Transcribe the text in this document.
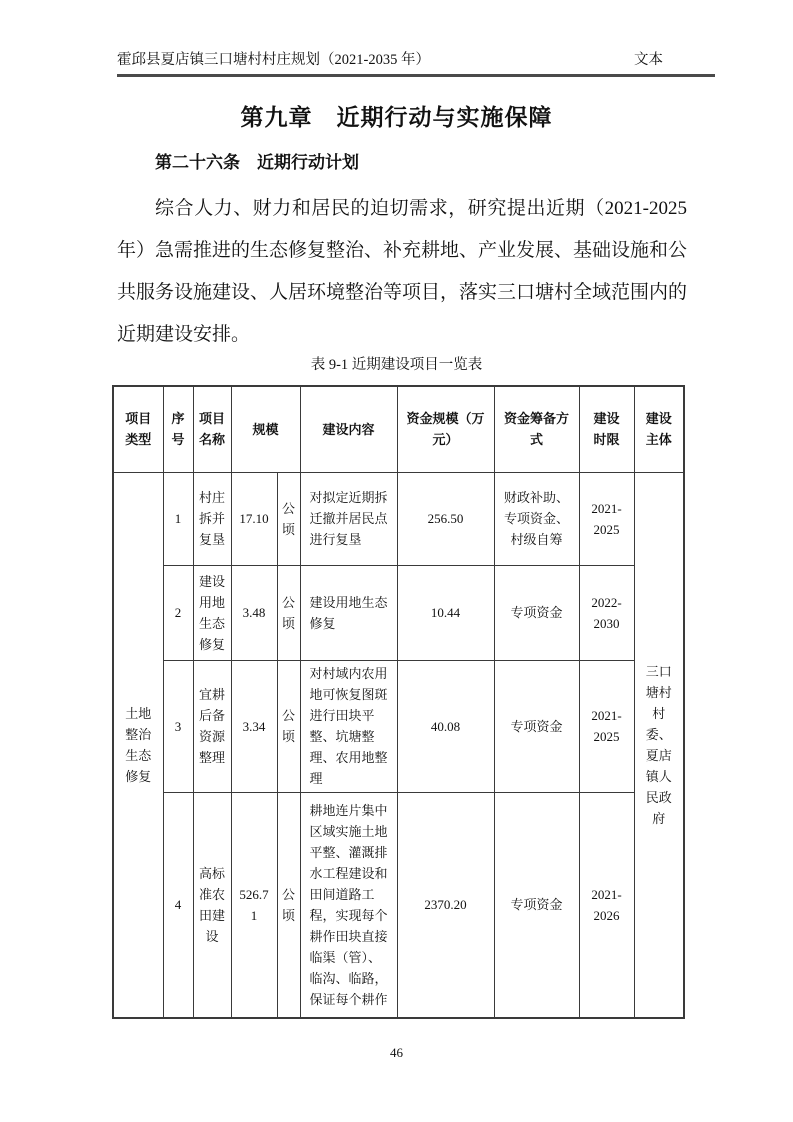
霍邱县夏店镇三口塘村村庄规划（2021-2035 年）	文本
第九章　近期行动与实施保障
第二十六条　近期行动计划

综合人力、财力和居民的迫切需求，研究提出近期（2021-2025 年）急需推进的生态修复整治、补充耕地、产业发展、基础设施和公共服务设施建设、人居环境整治等项目，落实三口塘村全域范围内的近期建设安排。

表 9-1 近期建设项目一览表
项目类型	序号	项目名称	规模		建设内容	资金规模（万元）	资金筹备方式	建设时限	建设主体
土地整治生态修复	1	村庄拆并复垦	17.10	公顷	对拟定近期拆迁撤并居民点进行复垦	256.50	财政补助、专项资金、村级自筹	2021-2025	三口塘村村委、夏店镇人民政府
	2	建设用地生态修复	3.48	公顷	建设用地生态修复	10.44	专项资金	2022-2030	
	3	宜耕后备资源整理	3.34	公顷	对村域内农用地可恢复图斑进行田块平整、坑塘整理、农用地整理	40.08	专项资金	2021-2025	
	4	高标准农田建设	526.71	公顷	耕地连片集中区域实施土地平整、灌溉排水工程建设和田间道路工程，实现每个耕作田块直接临渠（管）、临沟、临路，保证每个耕作	2370.20	专项资金	2021-2026	
46
